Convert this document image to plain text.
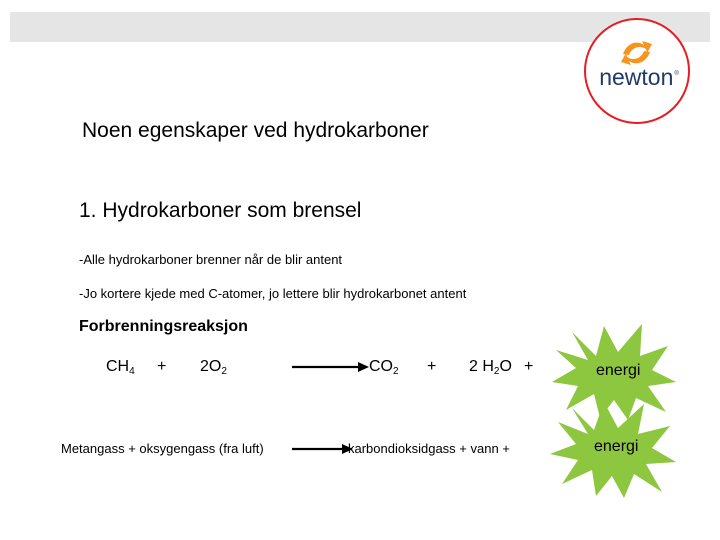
newton®
Noen egenskaper ved hydrokarboner
1. Hydrokarboner som brensel
-Alle hydrokarboner brenner når de blir antent
-Jo kortere kjede med C-atomer, jo lettere blir hydrokarbonet antent
Forbrenningsreaksjon
$CH_4 + 2O_2$	$CO_2 + 2$ $H_2O$ +	energi
Metangass + oksygengass (fra luft)	karbondioksidgass + vann +	energi
